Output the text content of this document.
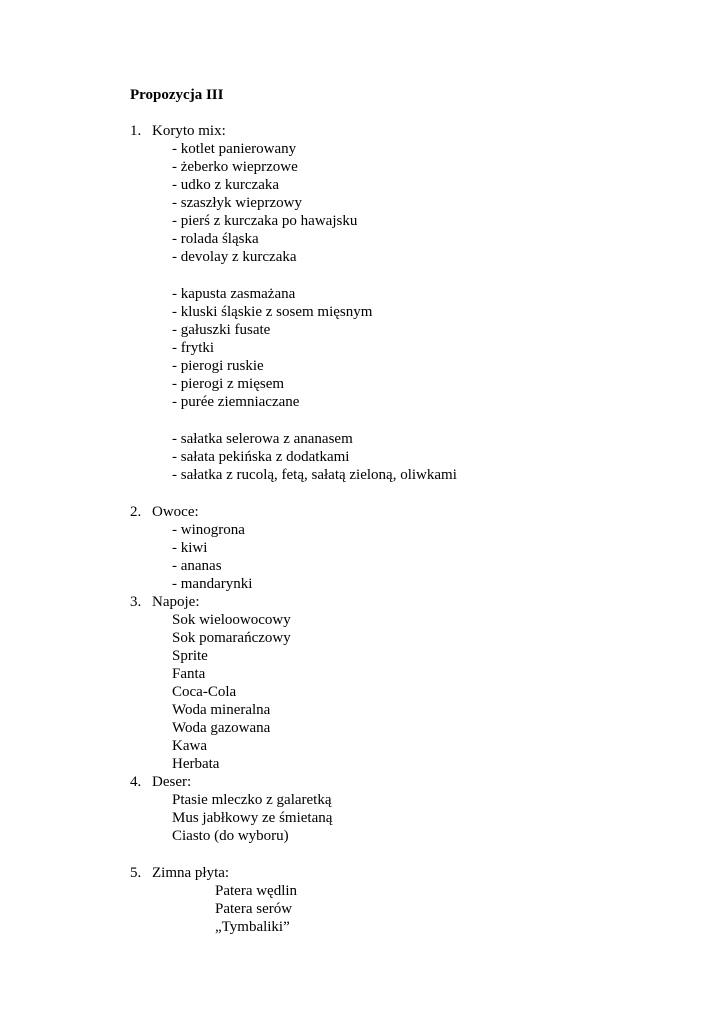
Propozycja III
1. Koryto mix:
- kotlet panierowany
- żeberko wieprzowe
- udko z kurczaka
- szaszłyk wieprzowy
- pierś z kurczaka po hawajsku
- rolada śląska
- devolay z kurczaka
- kapusta zasmażana
- kluski śląskie z sosem mięsnym
- gałuszki fusate
- frytki
- pierogi ruskie
- pierogi z mięsem
- purée ziemniaczane
- sałatka selerowa z ananasem
- sałata pekińska z dodatkami
- sałatka z rucolą, fetą, sałatą zieloną, oliwkami
2. Owoce:
- winogrona
- kiwi
- ananas
- mandarynki
3. Napoje:
Sok wieloowocowy
Sok pomarańczowy
Sprite
Fanta
Coca-Cola
Woda mineralna
Woda gazowana
Kawa
Herbata
4. Deser:
Ptasie mleczko z galaretką
Mus jabłkowy ze śmietaną
Ciasto (do wyboru)
5. Zimna płyta:
Patera wędlin
Patera serów
„Tymbaliki”
